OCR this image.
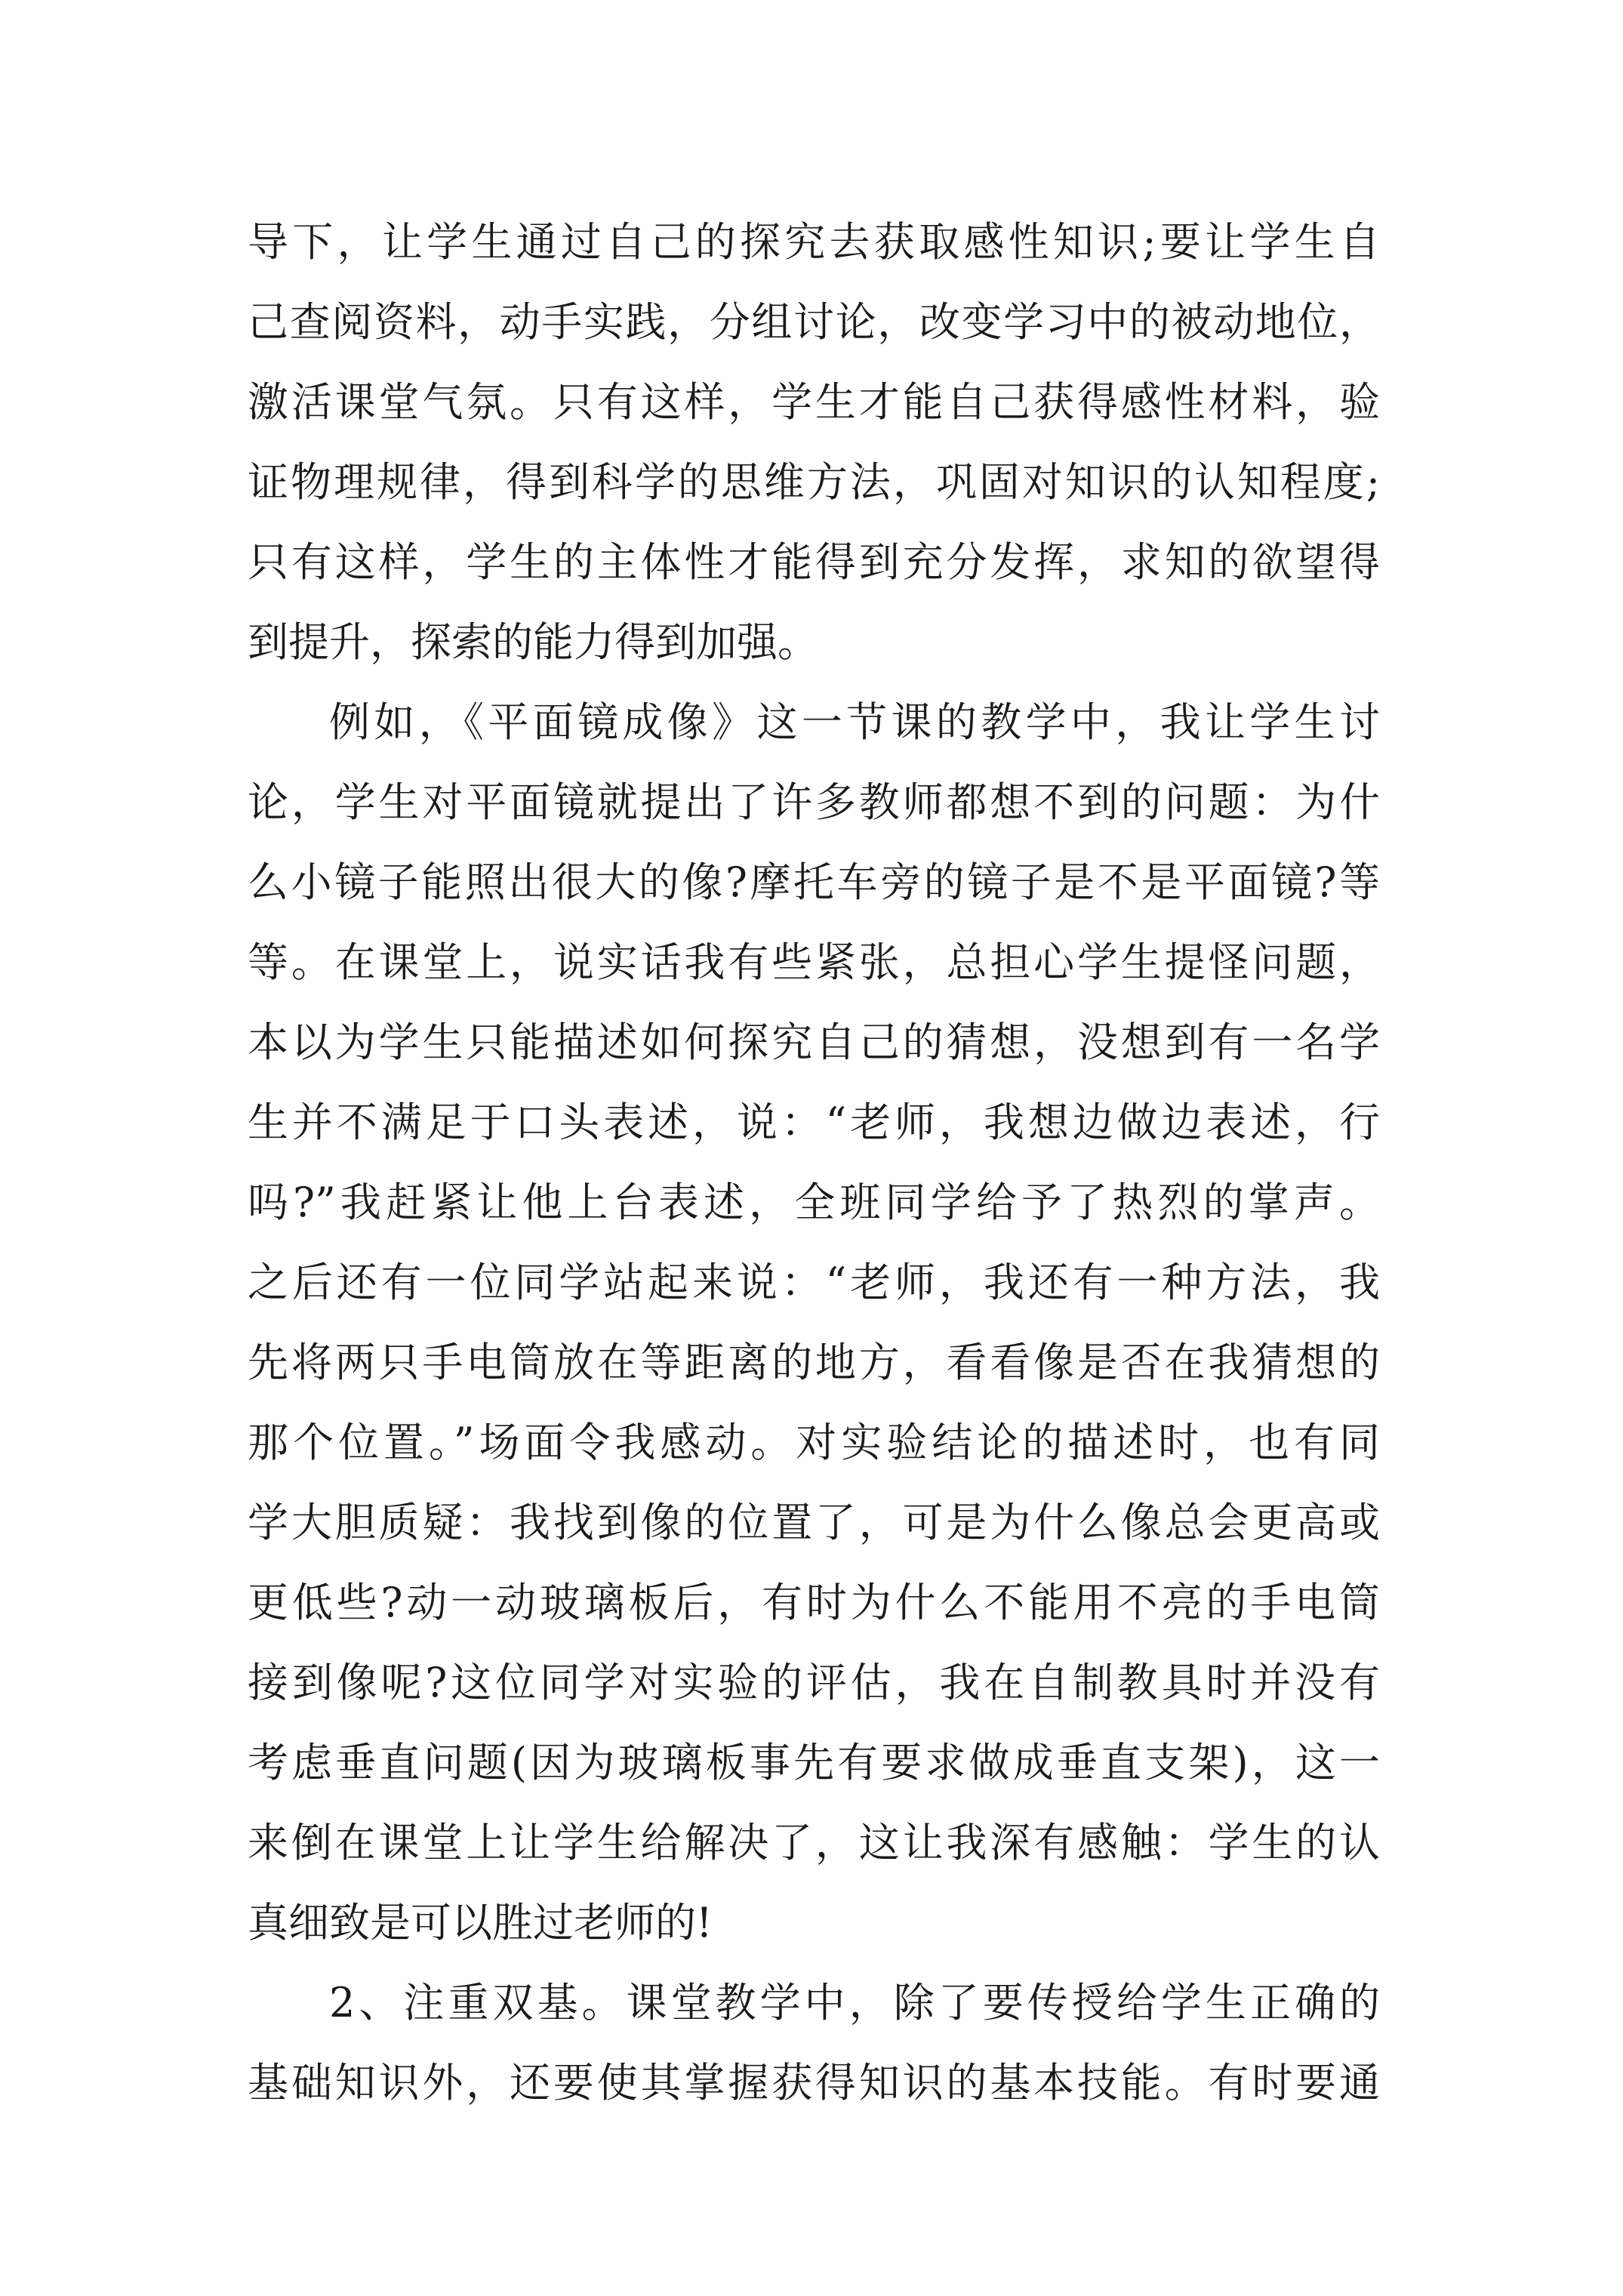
导下，让学生通过自己的探究去获取感性知识;要让学生自
己查阅资料，动手实践，分组讨论，改变学习中的被动地位，
激活课堂气氛。只有这样，学生才能自己获得感性材料，验
证物理规律，得到科学的思维方法，巩固对知识的认知程度;
只有这样，学生的主体性才能得到充分发挥，求知的欲望得
到提升，探索的能力得到加强。
例如，《平面镜成像》这一节课的教学中，我让学生讨
论，学生对平面镜就提出了许多教师都想不到的问题：为什
么小镜子能照出很大的像?摩托车旁的镜子是不是平面镜?等
等。在课堂上，说实话我有些紧张，总担心学生提怪问题，
本以为学生只能描述如何探究自己的猜想，没想到有一名学
生并不满足于口头表述，说：“老师，我想边做边表述，行
吗?”我赶紧让他上台表述，全班同学给予了热烈的掌声。
之后还有一位同学站起来说：“老师，我还有一种方法，我
先将两只手电筒放在等距离的地方，看看像是否在我猜想的
那个位置。”场面令我感动。对实验结论的描述时，也有同
学大胆质疑：我找到像的位置了，可是为什么像总会更高或
更低些?动一动玻璃板后，有时为什么不能用不亮的手电筒
接到像呢?这位同学对实验的评估，我在自制教具时并没有
考虑垂直问题(因为玻璃板事先有要求做成垂直支架)，这一
来倒在课堂上让学生给解决了，这让我深有感触：学生的认
真细致是可以胜过老师的!
2、注重双基。课堂教学中，除了要传授给学生正确的
基础知识外，还要使其掌握获得知识的基本技能。有时要通
